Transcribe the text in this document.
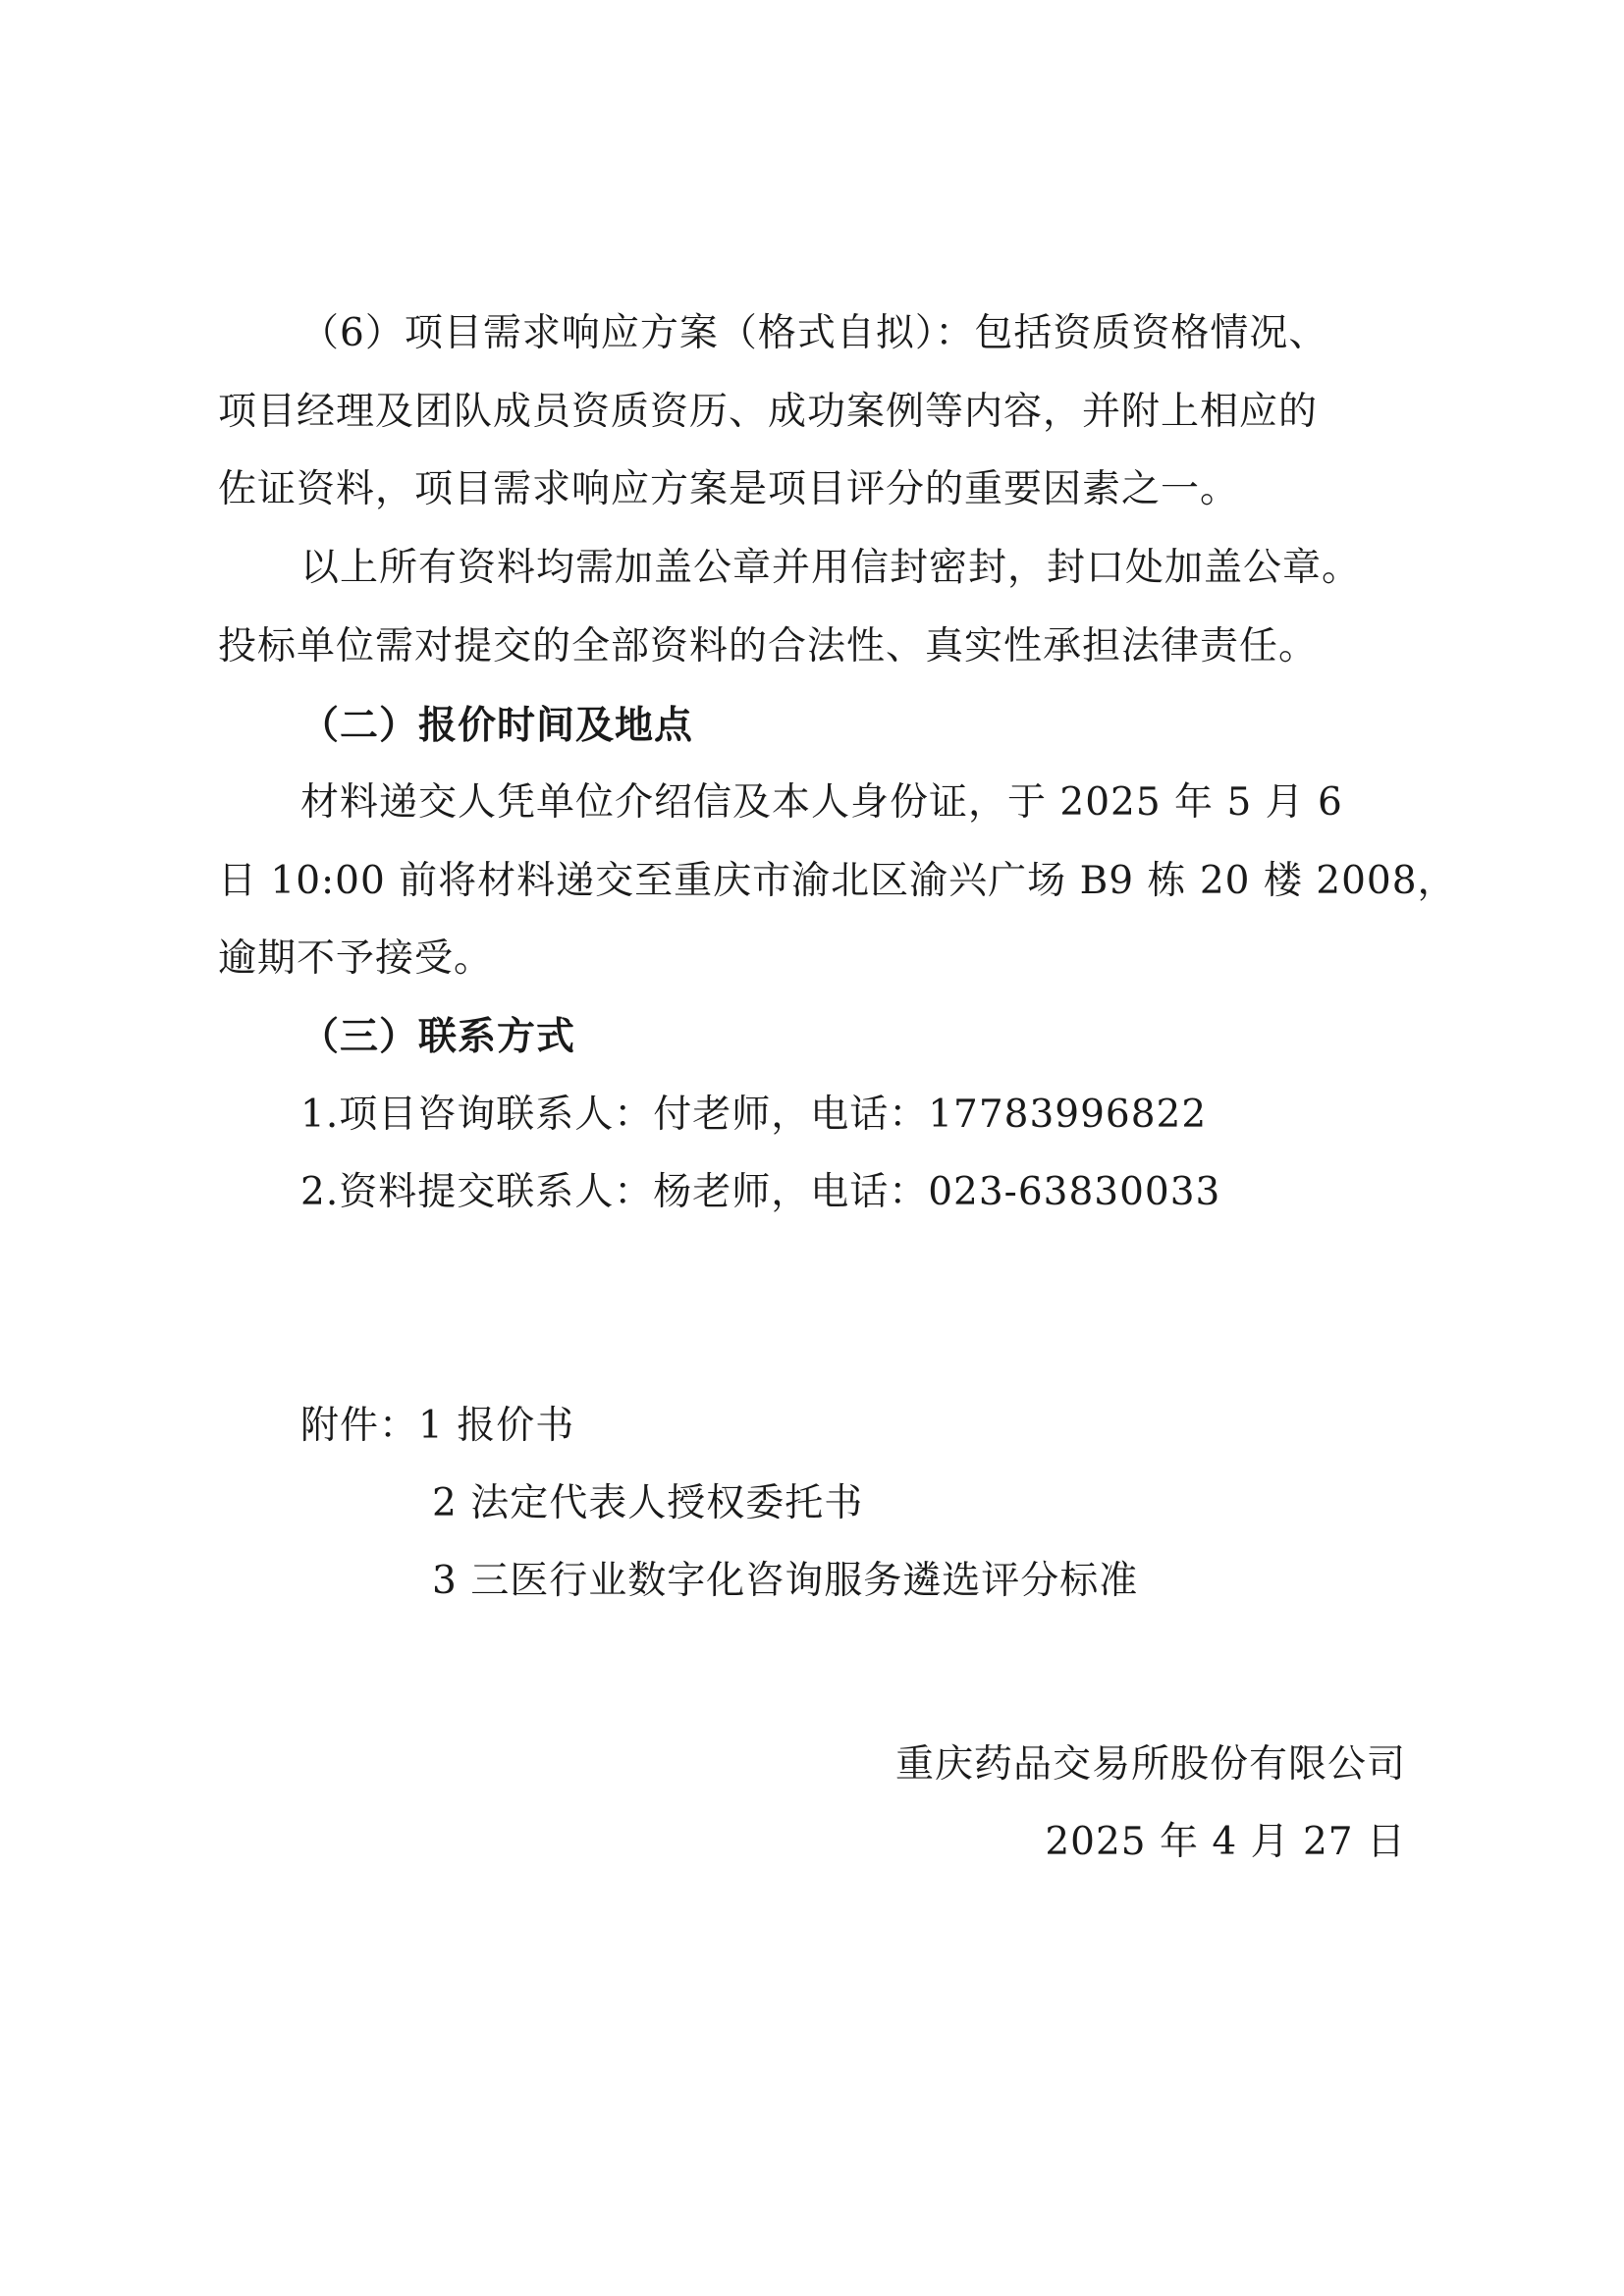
（6）项目需求响应方案（格式自拟）：包括资质资格情况、
项目经理及团队成员资质资历、成功案例等内容，并附上相应的
佐证资料，项目需求响应方案是项目评分的重要因素之一。
以上所有资料均需加盖公章并用信封密封，封口处加盖公章。
投标单位需对提交的全部资料的合法性、真实性承担法律责任。
（二）报价时间及地点
材料递交人凭单位介绍信及本人身份证，于 2025 年 5 月 6
日 10:00 前将材料递交至重庆市渝北区渝兴广场 B9 栋 20 楼 2008，
逾期不予接受。
（三）联系方式
1.项目咨询联系人：付老师，电话：17783996822
2.资料提交联系人：杨老师，电话：023-63830033
附件：1 报价书
2 法定代表人授权委托书
3 三医行业数字化咨询服务遴选评分标准
重庆药品交易所股份有限公司
2025 年 4 月 27 日
